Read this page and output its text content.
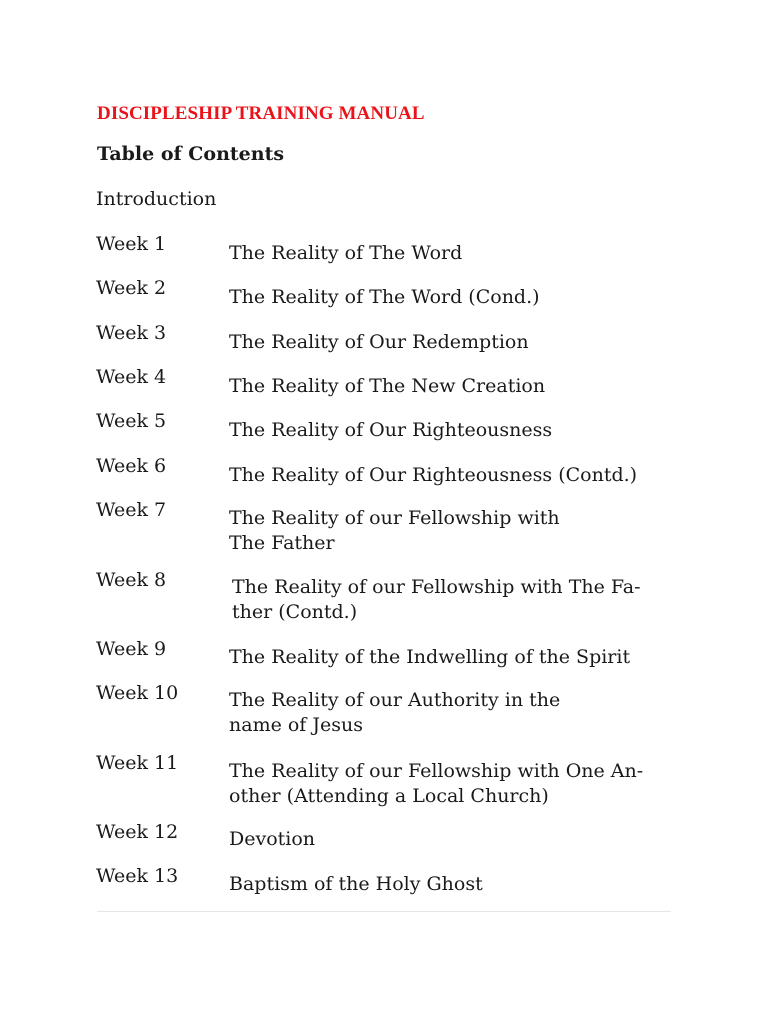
DISCIPLESHIP TRAINING MANUAL
Table of Contents
Introduction
Week 1	The Reality of The Word
Week 2	The Reality of The Word (Cond.)
Week 3	The Reality of Our Redemption
Week 4	The Reality of The New Creation
Week 5	The Reality of Our Righteousness
Week 6	The Reality of Our Righteousness (Contd.)
Week 7	The Reality of our Fellowship with
The Father
Week 8	The Reality of our Fellowship with The Fa-
ther (Contd.)
Week 9	The Reality of the Indwelling of the Spirit
Week 10	The Reality of our Authority in the
name of Jesus
Week 11	The Reality of our Fellowship with One An-
other (Attending a Local Church)
Week 12	Devotion
Week 13	Baptism of the Holy Ghost
